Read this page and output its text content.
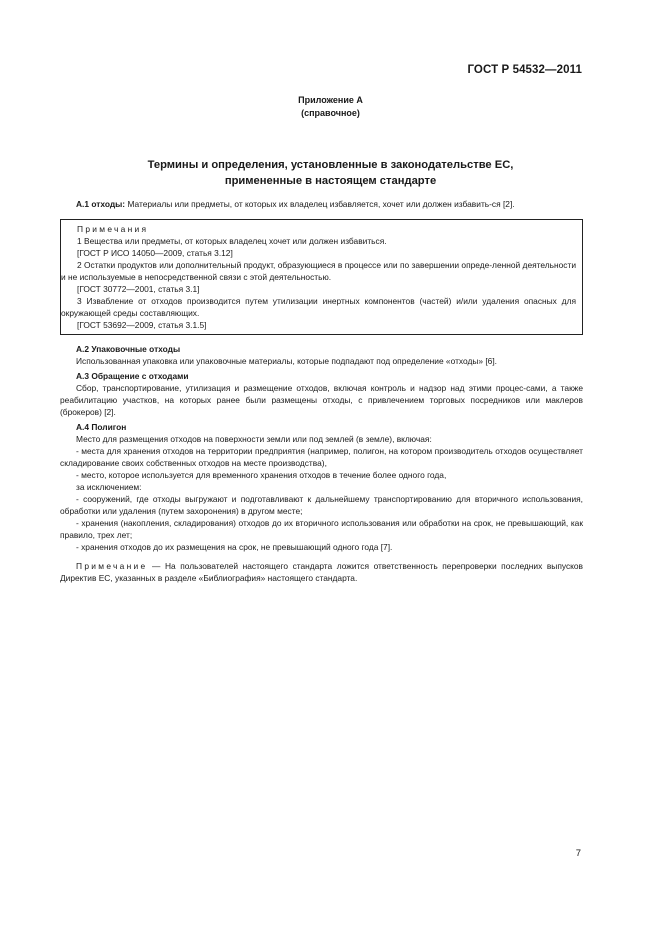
ГОСТ Р 54532—2011
Приложение А
(справочное)
Термины и определения, установленные в законодательстве ЕС,
примененные в настоящем стандарте

А.1 отходы: Материалы или предметы, от которых их владелец избавляется, хочет или должен избавить-ся [2].

Примечания

1 Вещества или предметы, от которых владелец хочет или должен избавиться.

[ГОСТ Р ИСО 14050—2009, статья 3.12]

2 Остатки продуктов или дополнительный продукт, образующиеся в процессе или по завершении опреде-ленной деятельности и не используемые в непосредственной связи с этой деятельностью.

[ГОСТ 30772—2001, статья 3.1]

3 Извабление от отходов производится путем утилизации инертных компонентов (частей) и/или удаления опасных для окружающей среды составляющих.

[ГОСТ 53692—2009, статья 3.1.5]

А.2 Упаковочные отходы

Использованная упаковка или упаковочные материалы, которые подпадают под определение «отходы» [6].

А.3 Обращение с отходами

Сбор, транспортирование, утилизация и размещение отходов, включая контроль и надзор над этими процес-сами, а также реабилитацию участков, на которых ранее были размещены отходы, с привлечением торговых посредников или маклеров (брокеров) [2].

А.4 Полигон

Место для размещения отходов на поверхности земли или под землей (в земле), включая:

- места для хранения отходов на территории предприятия (например, полигон, на котором производитель отходов осуществляет складирование своих собственных отходов на месте производства),

- место, которое используется для временного хранения отходов в течение более одного года,

за исключением:

- сооружений, где отходы выгружают и подготавливают к дальнейшему транспортированию для вторичного использования, обработки или удаления (путем захоронения) в другом месте;

- хранения (накопления, складирования) отходов до их вторичного использования или обработки на срок, не превышающий, как правило, трех лет;

- хранения отходов до их размещения на срок, не превышающий одного года [7].

Примечание — На пользователей настоящего стандарта ложится ответственность перепроверки последних выпусков Директив ЕС, указанных в разделе «Библиография» настоящего стандарта.

7
